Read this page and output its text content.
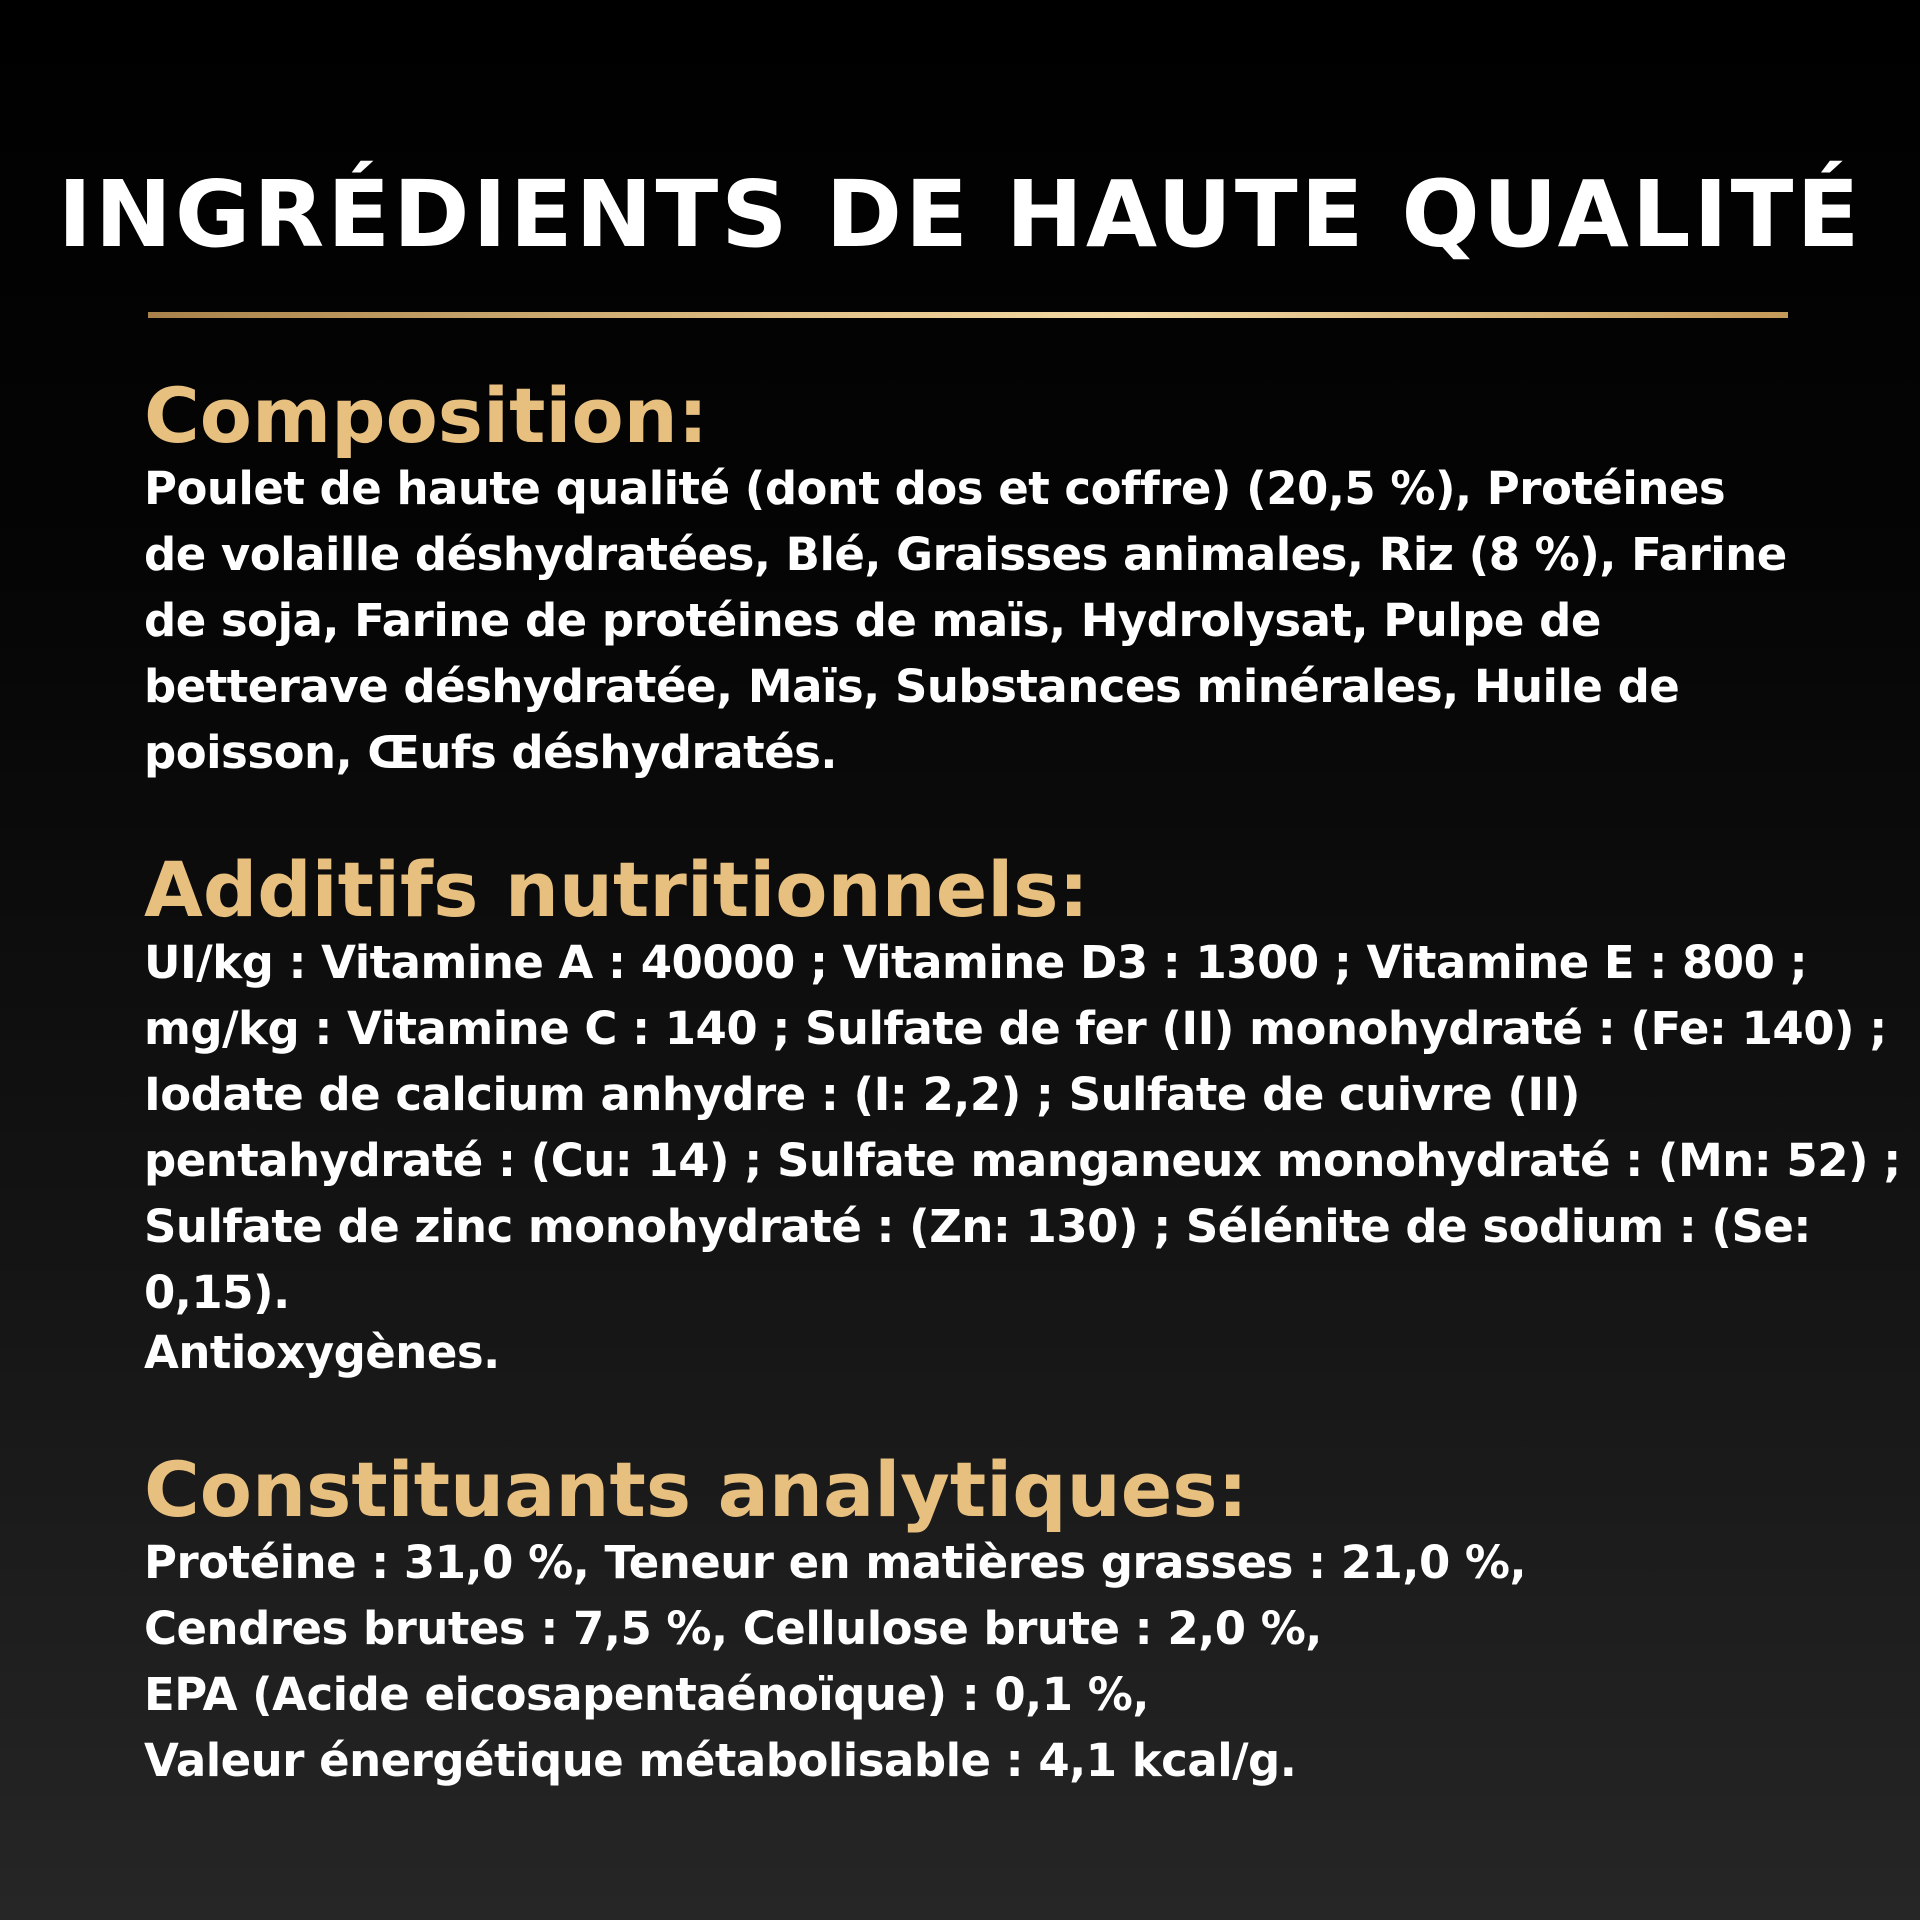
INGRÉDIENTS DE HAUTE QUALITÉ
Composition:

Poulet de haute qualité (dont dos et coffre) (20,5 %), Protéines
de volaille déshydratées, Blé, Graisses animales, Riz (8 %), Farine
de soja, Farine de protéines de maïs, Hydrolysat, Pulpe de
betterave déshydratée, Maïs, Substances minérales, Huile de
poisson, Œufs déshydratés.

Additifs nutritionnels:

UI/kg : Vitamine A : 40000 ; Vitamine D3 : 1300 ; Vitamine E : 800 ;
mg/kg : Vitamine C : 140 ; Sulfate de fer (II) monohydraté : (Fe: 140) ;
Iodate de calcium anhydre : (I: 2,2) ; Sulfate de cuivre (II)
pentahydraté : (Cu: 14) ; Sulfate manganeux monohydraté : (Mn: 52) ;
Sulfate de zinc monohydraté : (Zn: 130) ; Sélénite de sodium : (Se:
0,15).

Antioxygènes.

Constituants analytiques:

Protéine : 31,0 %, Teneur en matières grasses : 21,0 %,
Cendres brutes : 7,5 %, Cellulose brute : 2,0 %,
EPA (Acide eicosapentaénoïque) : 0,1 %,
Valeur énergétique métabolisable : 4,1 kcal/g.
